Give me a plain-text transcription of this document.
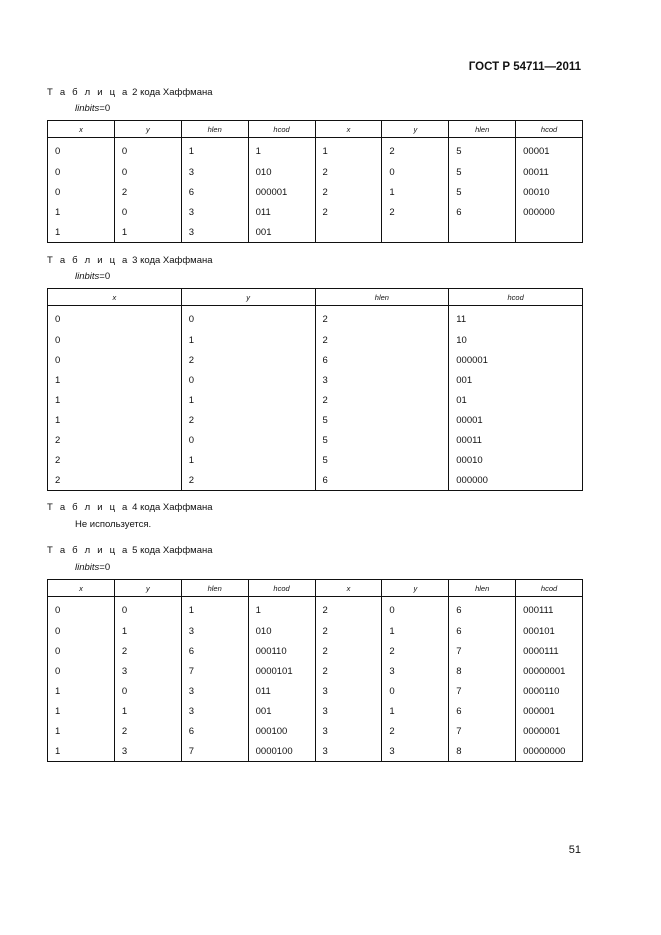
ГОСТ Р 54711—2011
Т а б л и ц а 2 кода Хаффмана
linbits=0
x	y	hlen	hcod	x	y	hlen	hcod
0	0	1	1	1	2	5	00001
0	0	3	010	2	0	5	00011
0	2	6	000001	2	1	5	00010
1	0	3	011	2	2	6	000000
1	1	3	001				
Т а б л и ц а 3 кода Хаффмана
linbits=0
x	y	hlen	hcod
0	0	2	11
0	1	2	10
0	2	6	000001
1	0	3	001
1	1	2	01
1	2	5	00001
2	0	5	00011
2	1	5	00010
2	2	6	000000
Т а б л и ц а 4 кода Хаффмана
Не используется.
Т а б л и ц а 5 кода Хаффмана
linbits=0
x	y	hlen	hcod	x	y	hlen	hcod
0	0	1	1	2	0	6	000111
0	1	3	010	2	1	6	000101
0	2	6	000110	2	2	7	0000111
0	3	7	0000101	2	3	8	00000001
1	0	3	011	3	0	7	0000110
1	1	3	001	3	1	6	000001
1	2	6	000100	3	2	7	0000001
1	3	7	0000100	3	3	8	00000000
51
